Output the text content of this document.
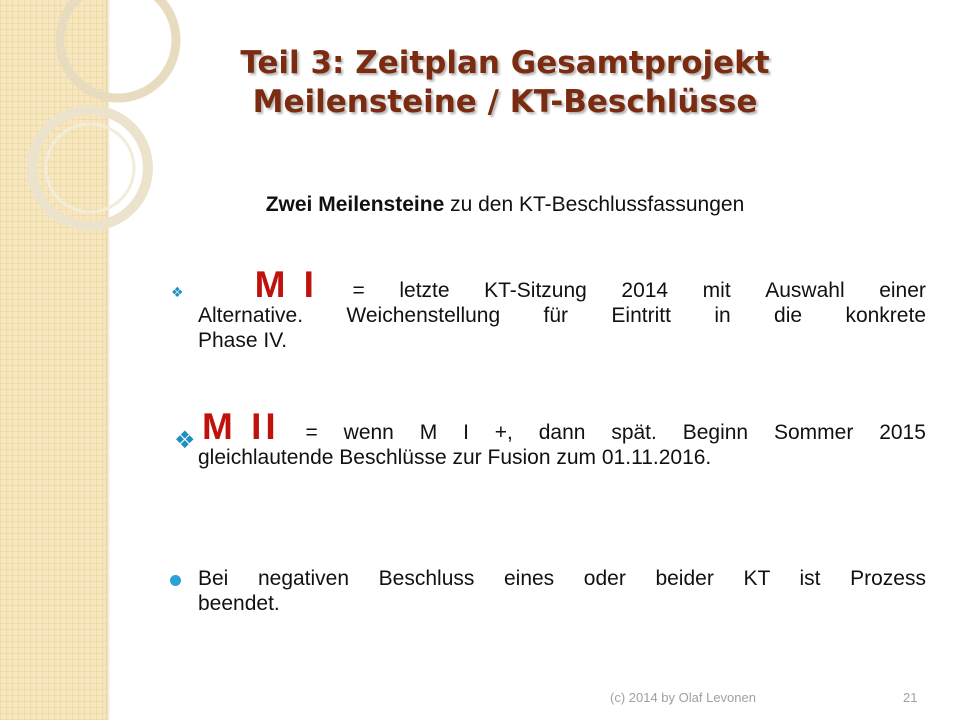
Teil 3: Zeitplan Gesamtprojekt
Meilensteine / KT-Beschlüsse
Zwei Meilensteine zu den KT-Beschlussfassungen
❖ M I = letzte KT-Sitzung 2014 mit Auswahl einer
Alternative. Weichenstellung für Eintritt in die konkrete
Phase IV.
❖ M II = wenn M I +, dann spät. Beginn Sommer 2015
gleichlautende Beschlüsse zur Fusion zum 01.11.2016.
Bei negativen Beschluss eines oder beider KT ist Prozess
beendet.
(c) 2014 by Olaf Levonen	21
